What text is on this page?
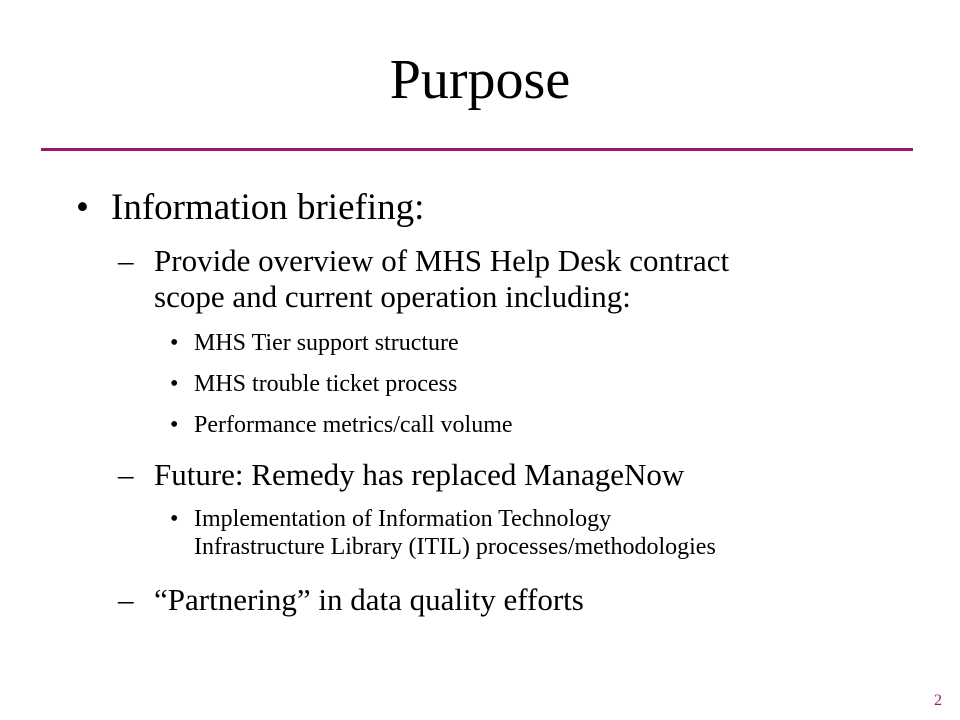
Purpose
• Information briefing:
– Provide overview of MHS Help Desk contract
scope and current operation including:
• MHS Tier support structure
• MHS trouble ticket process
• Performance metrics/call volume
– Future: Remedy has replaced ManageNow
• Implementation of Information Technology
Infrastructure Library (ITIL) processes/methodologies
– “Partnering” in data quality efforts
2
